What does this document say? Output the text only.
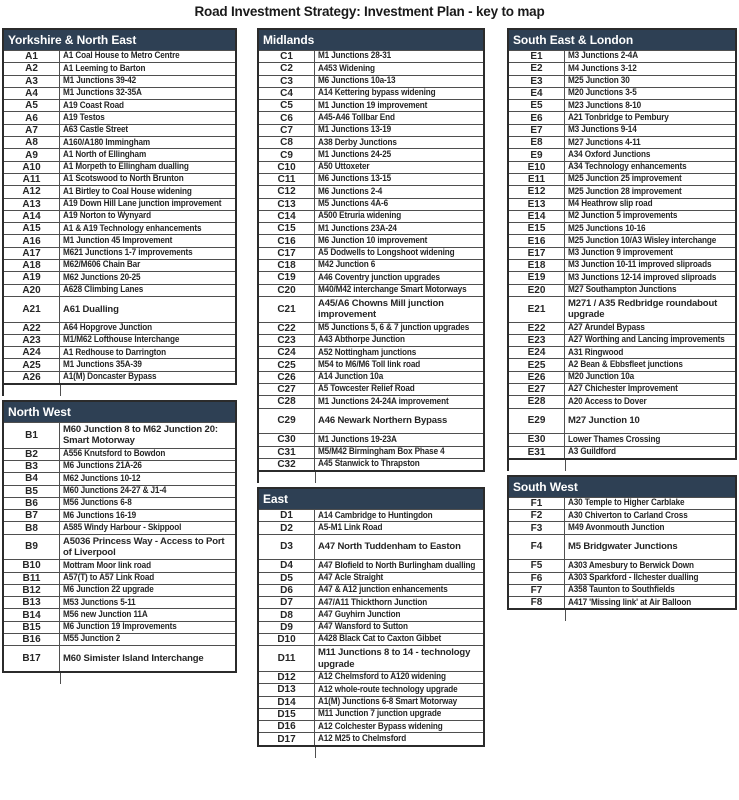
Road Investment Strategy: Investment Plan - key to map
Yorkshire & North East
A1	A1 Coal House to Metro Centre
A2	A1 Leeming to Barton
A3	M1 Junctions 39-42
A4	M1 Junctions 32-35A
A5	A19 Coast Road
A6	A19 Testos
A7	A63 Castle Street
A8	A160/A180 Immingham
A9	A1 North of Ellingham
A10	A1 Morpeth to Ellingham dualling
A11	A1 Scotswood to North Brunton
A12	A1 Birtley to Coal House widening
A13	A19 Down Hill Lane junction improvement
A14	A19 Norton to Wynyard
A15	A1 & A19 Technology enhancements
A16	M1 Junction 45 Improvement
A17	M621 Junctions 1-7 improvements
A18	M62/M606 Chain Bar
A19	M62 Junctions 20-25
A20	A628 Climbing Lanes
A21	A61 Dualling
A22	A64 Hopgrove Junction
A23	M1/M62 Lofthouse Interchange
A24	A1 Redhouse to Darrington
A25	M1 Junctions 35A-39
A26	A1(M) Doncaster Bypass
North West
B1
M60 Junction 8 to M62 Junction 20: Smart Motorway
B2	A556 Knutsford to Bowdon
B3	M6 Junctions 21A-26
B4	M62 Junctions 10-12
B5	M60 Junctions 24-27 & J1-4
B6	M56 Junctions 6-8
B7	M6 Junctions 16-19
B8	A585 Windy Harbour - Skippool
B9
A5036 Princess Way - Access to Port of Liverpool
B10	Mottram Moor link road
B11	A57(T) to A57 Link Road
B12	M6 Junction 22 upgrade
B13	M53 Junctions 5-11
B14	M56 new Junction 11A
B15	M6 Junction 19 Improvements
B16	M55 Junction 2
B17	M60 Simister Island Interchange
Midlands
C1	M1 Junctions 28-31
C2	A453 Widening
C3	M6 Junctions 10a-13
C4	A14 Kettering bypass widening
C5	M1 Junction 19 improvement
C6	A45-A46 Tollbar End
C7	M1 Junctions 13-19
C8	A38 Derby Junctions
C9	M1 Junctions 24-25
C10	A50 Uttoxeter
C11	M6 Junctions 13-15
C12	M6 Junctions 2-4
C13	M5 Junctions 4A-6
C14	A500 Etruria widening
C15	M1 Junctions 23A-24
C16	M6 Junction 10 improvement
C17	A5 Dodwells to Longshoot widening
C18	M42 Junction 6
C19	A46 Coventry junction upgrades
C20	M40/M42 interchange Smart Motorways
C21
A45/A6 Chowns Mill junction improvement
C22	M5 Junctions 5, 6 & 7 junction upgrades
C23	A43 Abthorpe Junction
C24	A52 Nottingham junctions
C25	M54 to M6/M6 Toll link road
C26	A14 Junction 10a
C27	A5 Towcester Relief Road
C28	M1 Junctions 24-24A improvement
C29	A46 Newark Northern Bypass
C30	M1 Junctions 19-23A
C31	M5/M42 Birmingham Box Phase 4
C32	A45 Stanwick to Thrapston
East
D1	A14 Cambridge to Huntingdon
D2	A5-M1 Link Road
D3	A47 North Tuddenham to Easton
D4	A47 Blofield to North Burlingham dualling
D5	A47 Acle Straight
D6	A47 & A12 junction enhancements
D7	A47/A11 Thickthorn Junction
D8	A47 Guyhirn Junction
D9	A47 Wansford to Sutton
D10	A428 Black Cat to Caxton Gibbet
D11
M11 Junctions 8 to 14 - technology upgrade
D12	A12 Chelmsford to A120 widening
D13	A12 whole-route technology upgrade
D14	A1(M) Junctions 6-8 Smart Motorway
D15	M11 Junction 7 junction upgrade
D16	A12 Colchester Bypass widening
D17	A12 M25 to Chelmsford
South East & London
E1	M3 Junctions 2-4A
E2	M4 Junctions 3-12
E3	M25 Junction 30
E4	M20 Junctions 3-5
E5	M23 Junctions 8-10
E6	A21 Tonbridge to Pembury
E7	M3 Junctions 9-14
E8	M27 Junctions 4-11
E9	A34 Oxford Junctions
E10	A34 Technology enhancements
E11	M25 Junction 25 improvement
E12	M25 Junction 28 improvement
E13	M4 Heathrow slip road
E14	M2 Junction 5 improvements
E15	M25 Junctions 10-16
E16	M25 Junction 10/A3 Wisley interchange
E17	M3 Junction 9 improvement
E18	M3 Junction 10-11 improved sliproads
E19	M3 Junctions 12-14 improved sliproads
E20	M27 Southampton Junctions
E21
M271 / A35 Redbridge roundabout upgrade
E22	A27 Arundel Bypass
E23	A27 Worthing and Lancing improvements
E24	A31 Ringwood
E25	A2 Bean & Ebbsfleet junctions
E26	M20 Junction 10a
E27	A27 Chichester Improvement
E28	A20 Access to Dover
E29	M27 Junction 10
E30	Lower Thames Crossing
E31	A3 Guildford
South West
F1	A30 Temple to Higher Carblake
F2	A30 Chiverton to Carland Cross
F3	M49 Avonmouth Junction
F4	M5 Bridgwater Junctions
F5	A303 Amesbury to Berwick Down
F6	A303 Sparkford - Ilchester dualling
F7	A358 Taunton to Southfields
F8	A417 'Missing link' at Air Balloon
